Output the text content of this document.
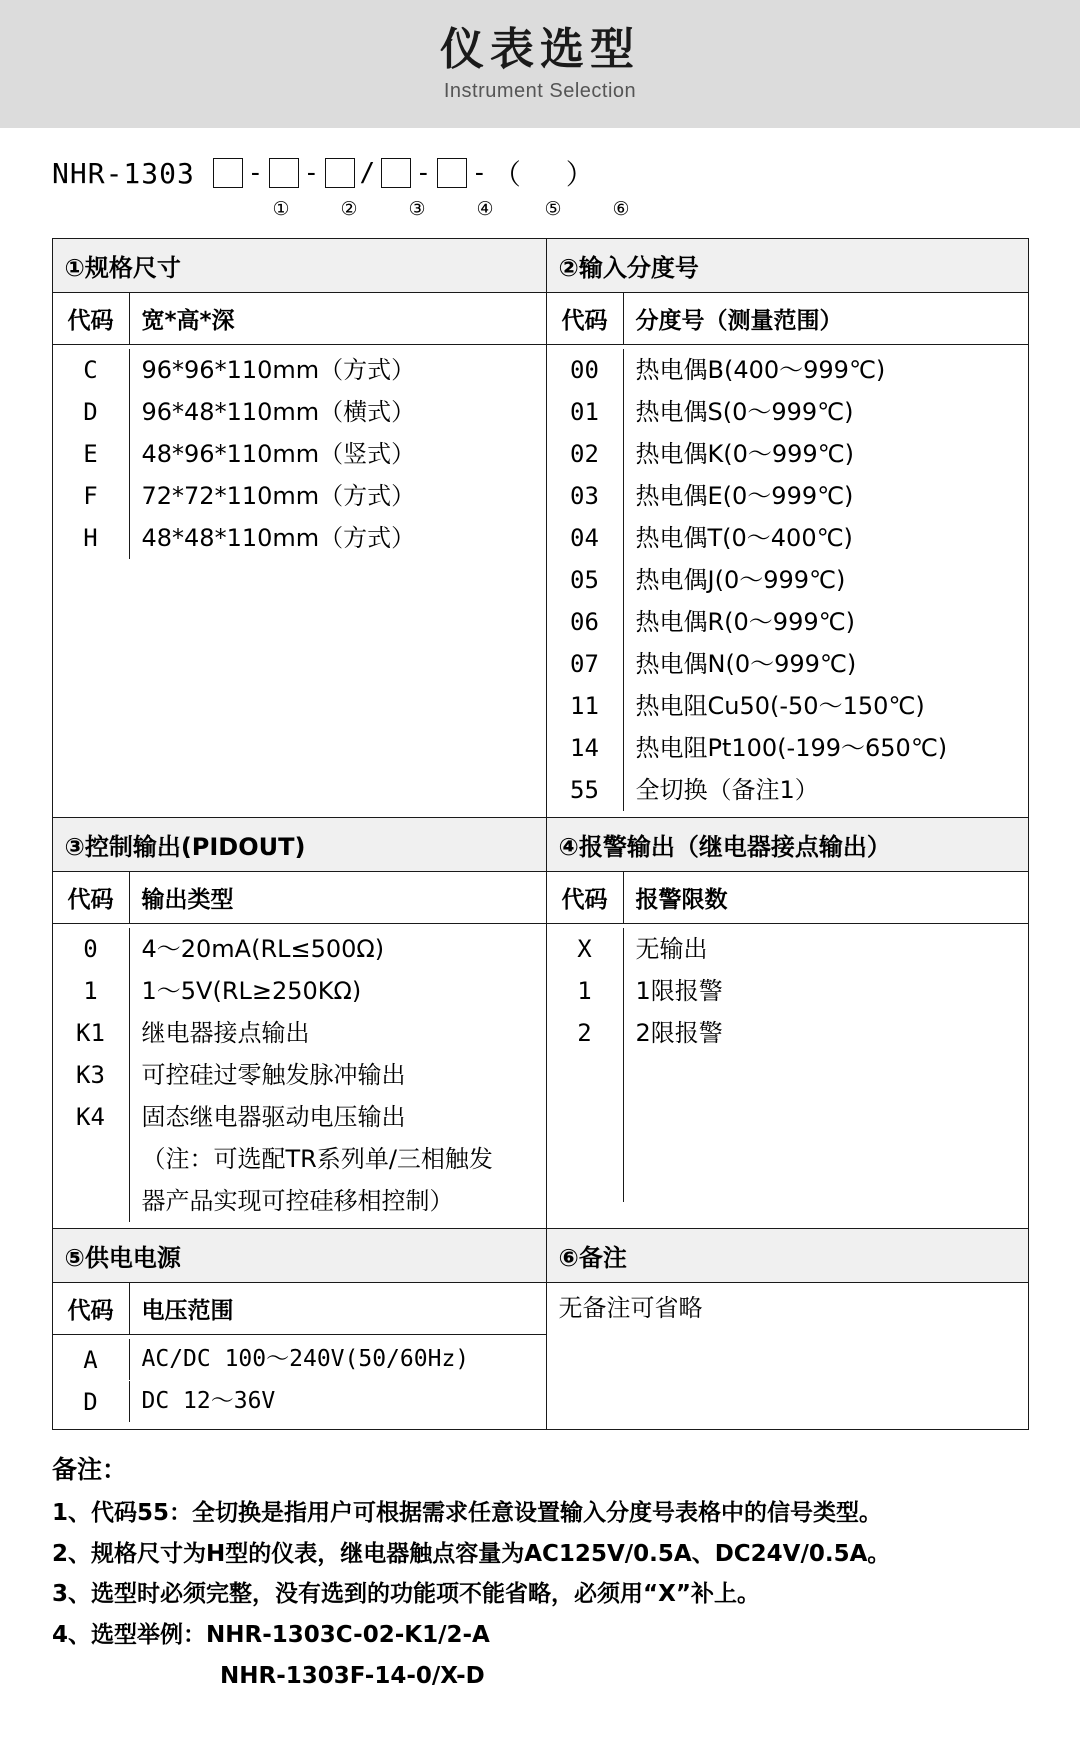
仪表选型
Instrument Selection
NHR-1303 - - / - - （ ）
①	②	③	④	⑤	⑥
①规格尺寸
代码	宽*高*深
C	96*96*110mm（方式）
D	96*48*110mm（横式）
E	48*96*110mm（竖式）
F	72*72*110mm（方式）
H	48*48*110mm（方式）

②输入分度号
代码	分度号（测量范围）
00	热电偶B(400～999℃)
01	热电偶S(0～999℃)
02	热电偶K(0～999℃)
03	热电偶E(0～999℃)
04	热电偶T(0～400℃)
05	热电偶J(0～999℃)
06	热电偶R(0～999℃)
07	热电偶N(0～999℃)
11	热电阻Cu50(-50～150℃)
14	热电阻Pt100(-199～650℃)
55	全切换（备注1）

③控制输出(PIDOUT)
代码	输出类型
0	4～20mA(RL≤500Ω)
1	1～5V(RL≥250KΩ)
K1	继电器接点输出
K3	可控硅过零触发脉冲输出
K4	固态继电器驱动电压输出

（注：可选配TR系列单/三相触发

器产品实现可控硅移相控制）

④报警输出（继电器接点输出）
代码	报警限数
X	无输出
1	1限报警
2	2限报警

⑤供电电源
代码	电压范围
A	AC/DC 100～240V(50/60Hz)
D	DC 12～36V

⑥备注
无备注可省略
备注：
1、代码55：全切换是指用户可根据需求任意设置输入分度号表格中的信号类型。
2、规格尺寸为H型的仪表，继电器触点容量为AC125V/0.5A、DC24V/0.5A。
3、选型时必须完整，没有选到的功能项不能省略，必须用“X”补上。
4、选型举例：NHR-1303C-02-K1/2-A
NHR-1303F-14-0/X-D
